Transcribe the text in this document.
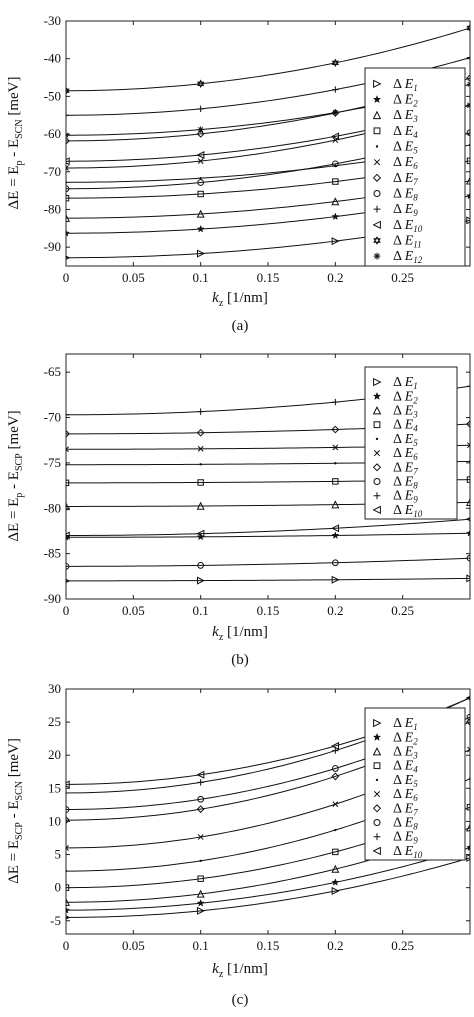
0	0.05	0.1	0.15	0.2	0.25
-90
-80
-70
-60
-50
-40
-30
Δ $E_1$
Δ $E_2$
Δ $E_3$
Δ $E_4$
Δ $E_5$
Δ $E_6$
Δ $E_7$
Δ $E_8$
Δ $E_9$
Δ $E_{10}$
Δ $E_{11}$
Δ $E_{12}$
$k_z$ [1/nm]
$\Delta E = E_p - E_{SCN}$ [meV]
(a)
0	0.05	0.1	0.15	0.2	0.25
-90
-85
-80
-75
-70
-65
Δ $E_1$
Δ $E_2$
Δ $E_3$
Δ $E_4$
Δ $E_5$
Δ $E_6$
Δ $E_7$
Δ $E_8$
Δ $E_9$
Δ $E_{10}$
$k_z$ [1/nm]
$\Delta E = E_p - E_{SCP}$ [meV]
(b)
0	0.05	0.1	0.15	0.2	0.25
-5
0
5
10
15
20
25
30
Δ $E_1$
Δ $E_2$
Δ $E_3$
Δ $E_4$
Δ $E_5$
Δ $E_6$
Δ $E_7$
Δ $E_8$
Δ $E_9$
Δ $E_{10}$
$k_z$ [1/nm]
$\Delta E = E_{SCP} - E_{SCN}$ [meV]
(c)
